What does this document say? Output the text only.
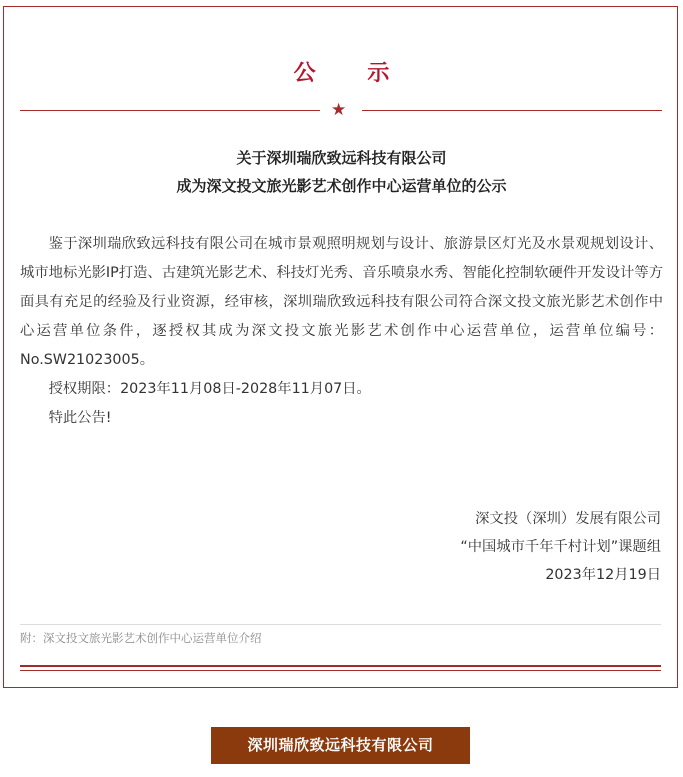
公 示
★
关于深圳瑞欣致远科技有限公司
成为深文投文旅光影艺术创作中心运营单位的公示

鉴于深圳瑞欣致远科技有限公司在城市景观照明规划与设计、旅游景区灯光及水景观规划设计、城市地标光影IP打造、古建筑光影艺术、科技灯光秀、音乐喷泉水秀、智能化控制软硬件开发设计等方面具有充足的经验及行业资源，经审核，深圳瑞欣致远科技有限公司符合深文投文旅光影艺术创作中心运营单位条件，逐授权其成为深文投文旅光影艺术创作中心运营单位，运营单位编号：No.SW21023005。

授权期限：2023年11月08日-2028年11月07日。

特此公告!

深文投（深圳）发展有限公司
“中国城市千年千村计划”课题组
2023年12月19日
附：深文投文旅光影艺术创作中心运营单位介绍
深圳瑞欣致远科技有限公司
